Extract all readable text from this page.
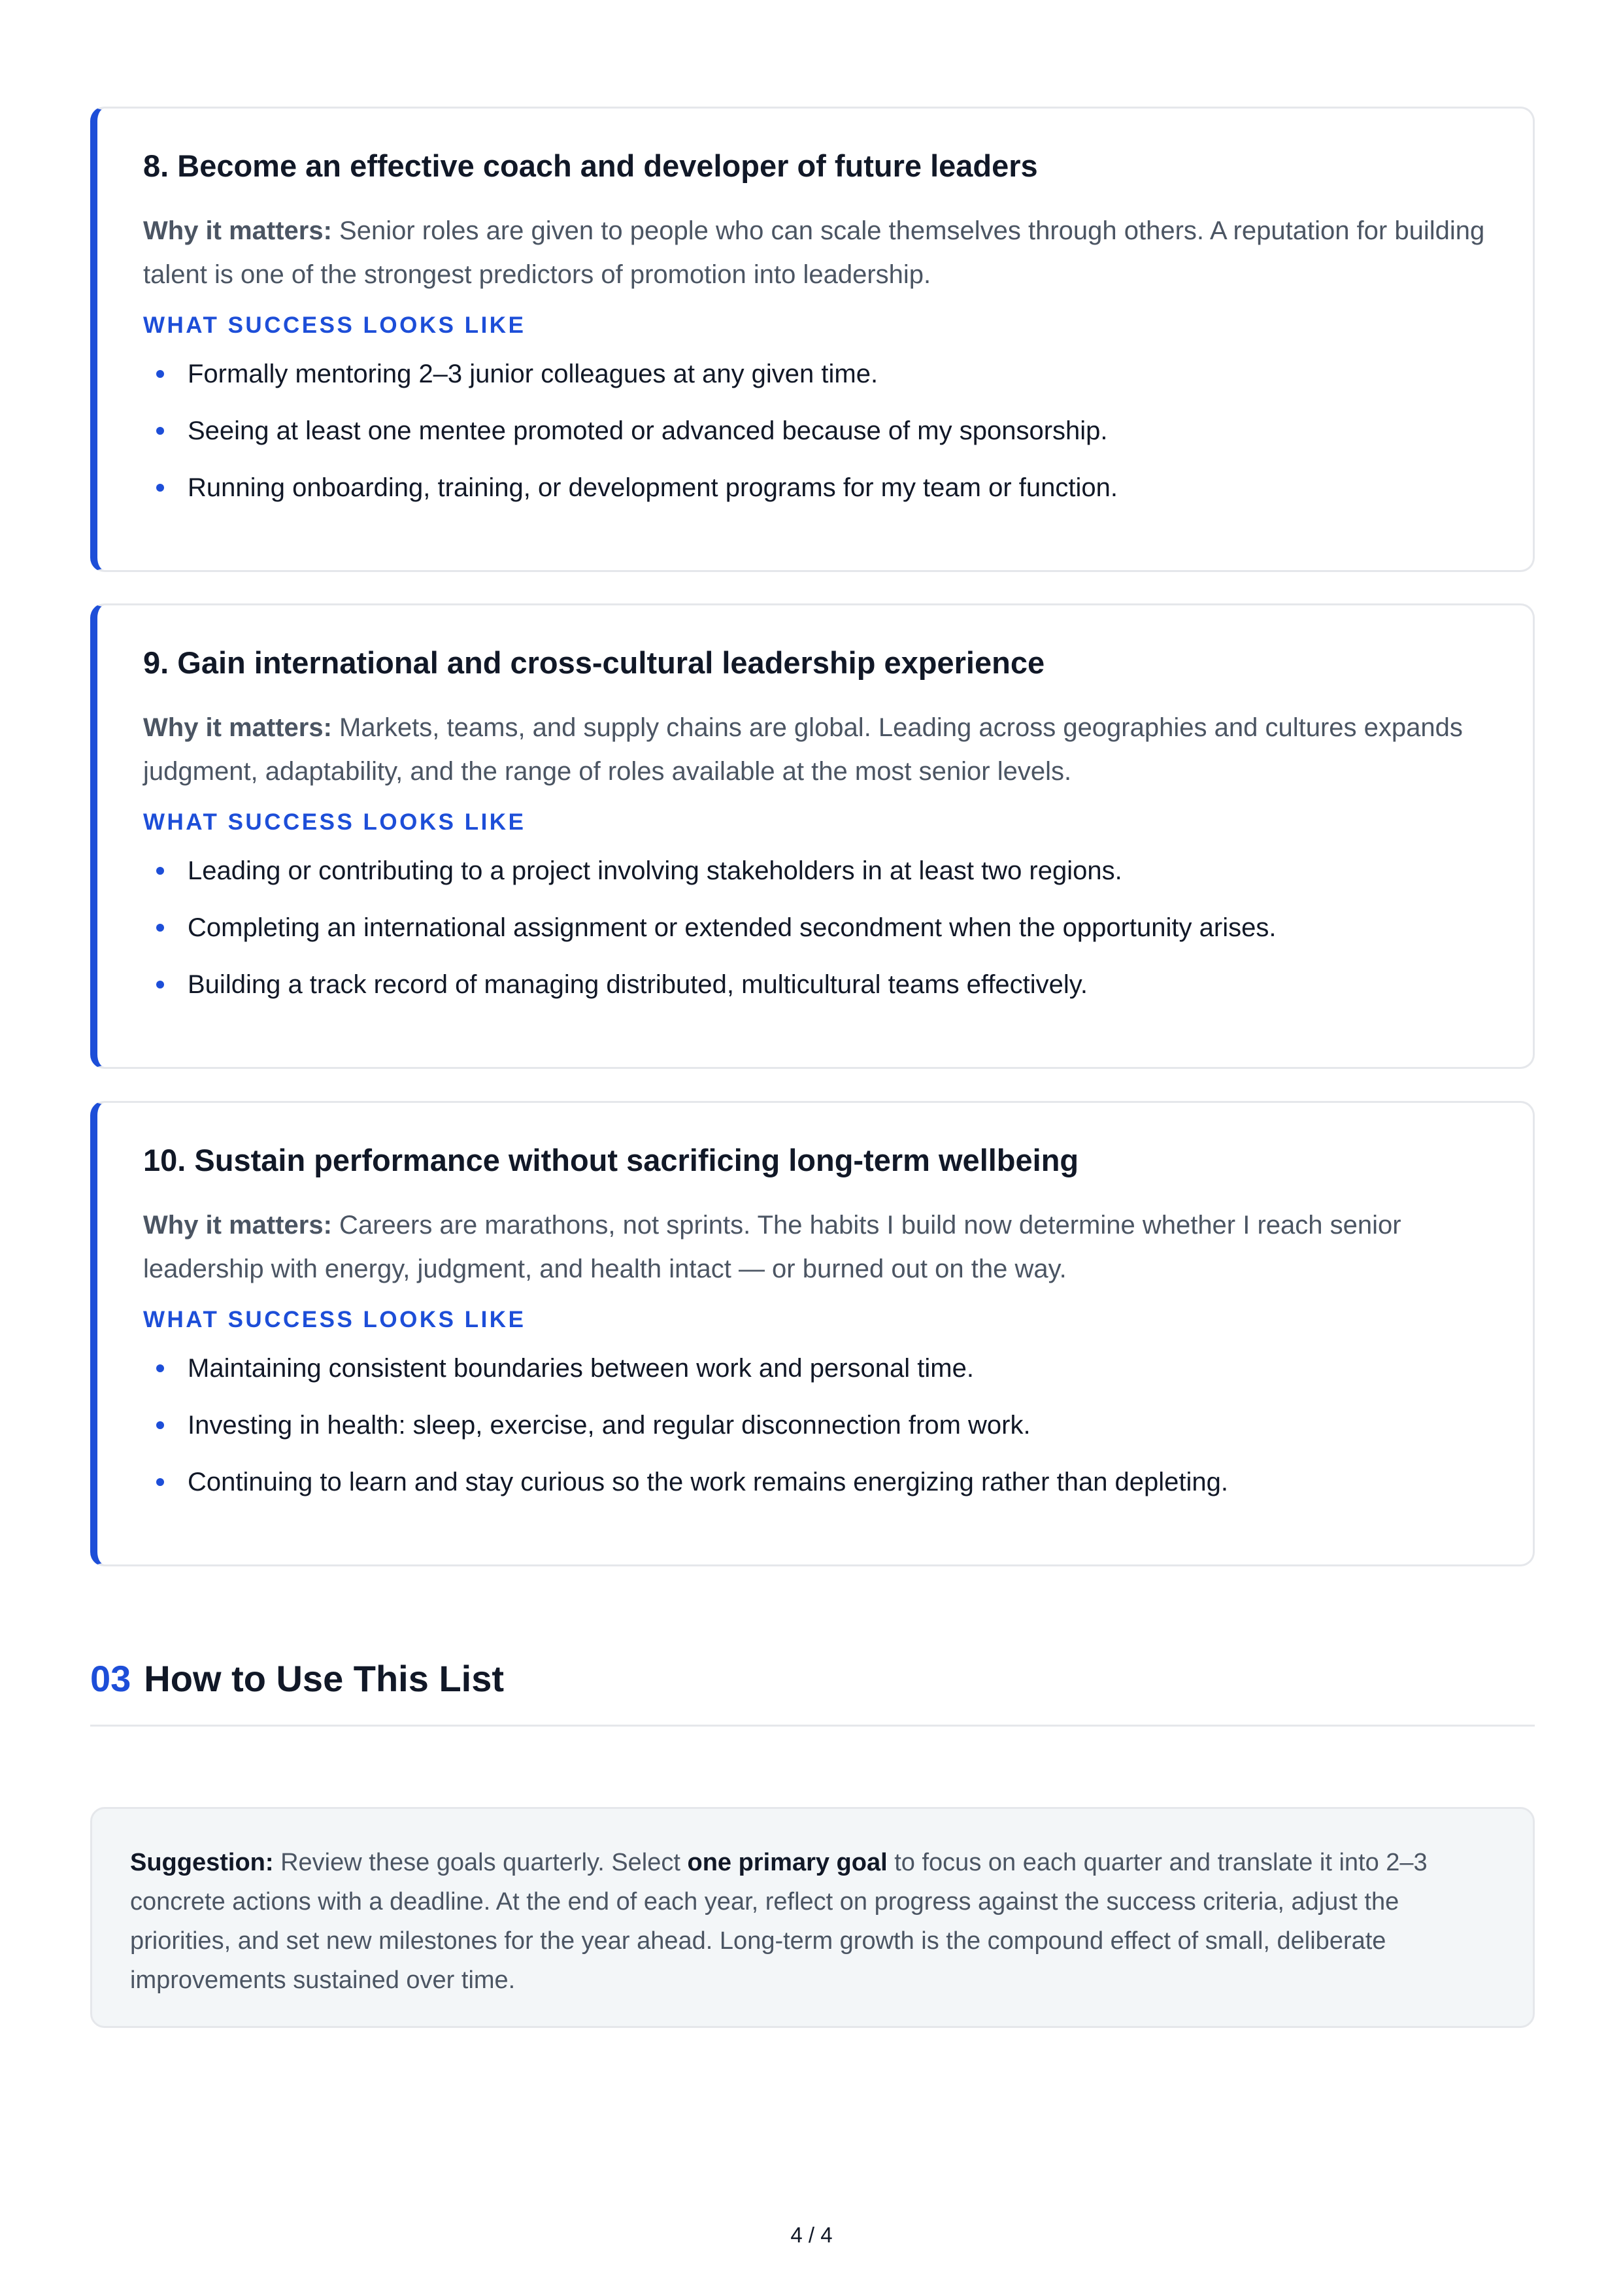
8. Become an effective coach and developer of future leaders

Why it matters: Senior roles are given to people who can scale themselves through others. A reputation for building talent is one of the strongest predictors of promotion into leadership.

WHAT SUCCESS LOOKS LIKE
Formally mentoring 2–3 junior colleagues at any given time.
Seeing at least one mentee promoted or advanced because of my sponsorship.
Running onboarding, training, or development programs for my team or function.
9. Gain international and cross-cultural leadership experience

Why it matters: Markets, teams, and supply chains are global. Leading across geographies and cultures expands judgment, adaptability, and the range of roles available at the most senior levels.

WHAT SUCCESS LOOKS LIKE
Leading or contributing to a project involving stakeholders in at least two regions.
Completing an international assignment or extended secondment when the opportunity arises.
Building a track record of managing distributed, multicultural teams effectively.
10. Sustain performance without sacrificing long-term wellbeing

Why it matters: Careers are marathons, not sprints. The habits I build now determine whether I reach senior leadership with energy, judgment, and health intact — or burned out on the way.

WHAT SUCCESS LOOKS LIKE
Maintaining consistent boundaries between work and personal time.
Investing in health: sleep, exercise, and regular disconnection from work.
Continuing to learn and stay curious so the work remains energizing rather than depleting.
03 How to Use This List
Suggestion: Review these goals quarterly. Select one primary goal to focus on each quarter and translate it into 2–3 concrete actions with a deadline. At the end of each year, reflect on progress against the success criteria, adjust the priorities, and set new milestones for the year ahead. Long-term growth is the compound effect of small, deliberate improvements sustained over time.
4 / 4
